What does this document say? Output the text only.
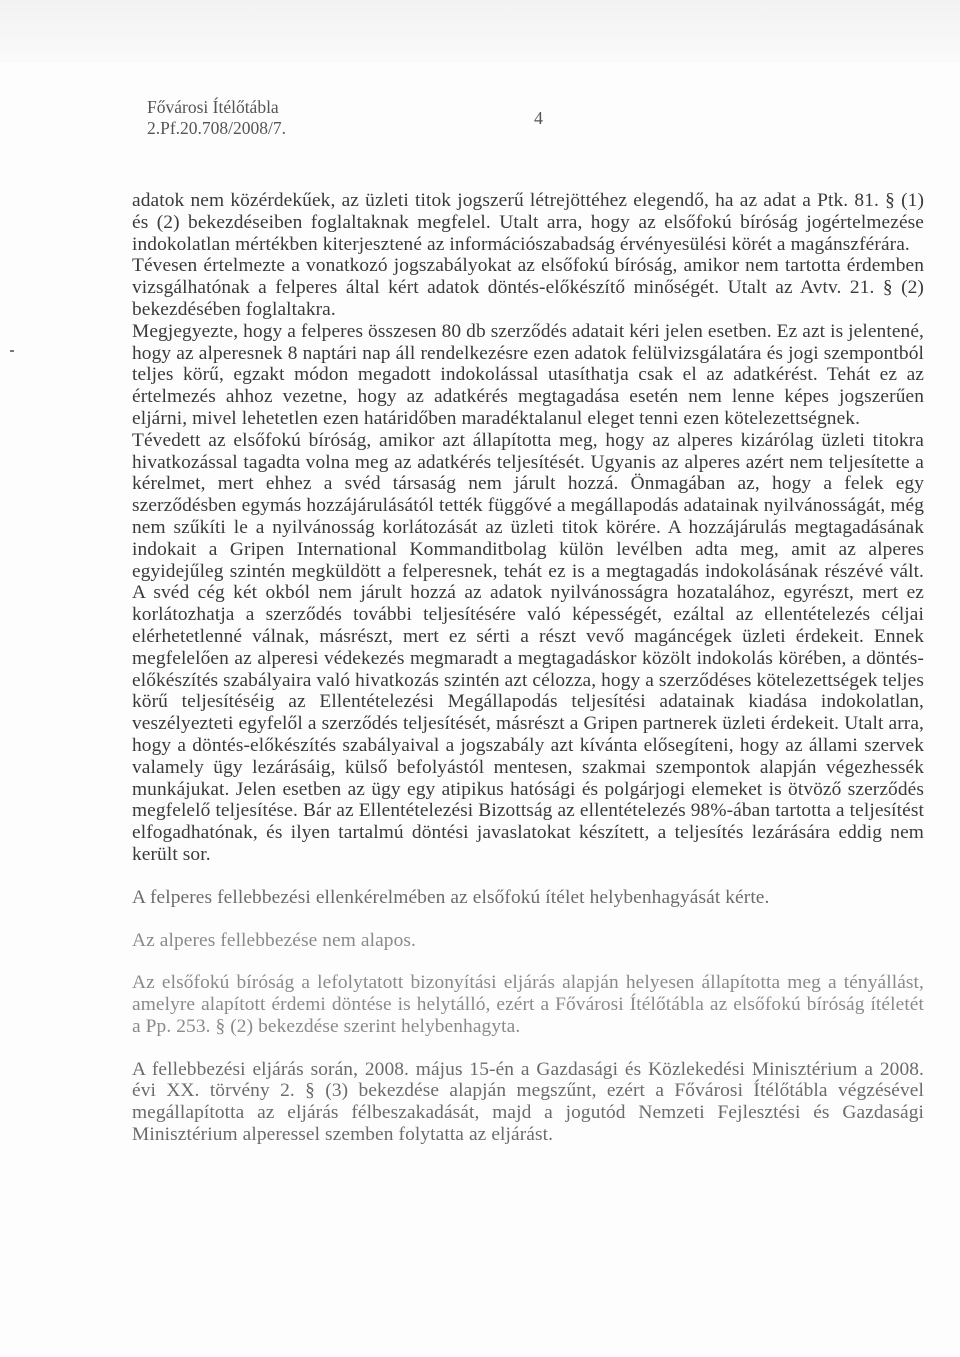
Fővárosi Ítélőtábla
2.Pf.20.708/2008/7.	4

adatok nem közérdekűek, az üzleti titok jogszerű létrejöttéhez elegendő, ha az adat a Ptk. 81. § (1) és (2) bekezdéseiben foglaltaknak megfelel. Utalt arra, hogy az elsőfokú bíróság jogértelmezése indokolatlan mértékben kiterjesztené az információszabadság érvényesülési körét a magánszférára.

Tévesen értelmezte a vonatkozó jogszabályokat az elsőfokú bíróság, amikor nem tartotta érdemben vizsgálhatónak a felperes által kért adatok döntés-előkészítő minőségét. Utalt az Avtv. 21. § (2) bekezdésében foglaltakra.

Megjegyezte, hogy a felperes összesen 80 db szerződés adatait kéri jelen esetben. Ez azt is jelentené, hogy az alperesnek 8 naptári nap áll rendelkezésre ezen adatok felülvizsgálatára és jogi szempontból teljes körű, egzakt módon megadott indokolással utasíthatja csak el az adatkérést. Tehát ez az értelmezés ahhoz vezetne, hogy az adatkérés megtagadása esetén nem lenne képes jogszerűen eljárni, mivel lehetetlen ezen határidőben maradéktalanul eleget tenni ezen kötelezettségnek.

Tévedett az elsőfokú bíróság, amikor azt állapította meg, hogy az alperes kizárólag üzleti titokra hivatkozással tagadta volna meg az adatkérés teljesítését. Ugyanis az alperes azért nem teljesítette a kérelmet, mert ehhez a svéd társaság nem járult hozzá. Önmagában az, hogy a felek egy szerződésben egymás hozzájárulásától tették függővé a megállapodás adatainak nyilvánosságát, még nem szűkíti le a nyilvánosság korlátozását az üzleti titok körére. A hozzájárulás megtagadásának indokait a Gripen International Kommanditbolag külön levélben adta meg, amit az alperes egyidejűleg szintén megküldött a felperesnek, tehát ez is a megtagadás indokolásának részévé vált. A svéd cég két okból nem járult hozzá az adatok nyilvánosságra hozatalához, egyrészt, mert ez korlátozhatja a szerződés további teljesítésére való képességét, ezáltal az ellentételezés céljai elérhetetlenné válnak, másrészt, mert ez sérti a részt vevő magáncégek üzleti érdekeit. Ennek megfelelően az alperesi védekezés megmaradt a megtagadáskor közölt indokolás körében, a döntés-előkészítés szabályaira való hivatkozás szintén azt célozza, hogy a szerződéses kötelezettségek teljes körű teljesítéséig az Ellentételezési Megállapodás teljesítési adatainak kiadása indokolatlan, veszélyezteti egyfelől a szerződés teljesítését, másrészt a Gripen partnerek üzleti érdekeit. Utalt arra, hogy a döntés-előkészítés szabályaival a jogszabály azt kívánta elősegíteni, hogy az állami szervek valamely ügy lezárásáig, külső befolyástól mentesen, szakmai szempontok alapján végezhessék munkájukat. Jelen esetben az ügy egy atipikus hatósági és polgárjogi elemeket is ötvöző szerződés megfelelő teljesítése. Bár az Ellentételezési Bizottság az ellentételezés 98%-ában tartotta a teljesítést elfogadhatónak, és ilyen tartalmú döntési javaslatokat készített, a teljesítés lezárására eddig nem került sor.

A felperes fellebbezési ellenkérelmében az elsőfokú ítélet helybenhagyását kérte.

Az alperes fellebbezése nem alapos.

Az elsőfokú bíróság a lefolytatott bizonyítási eljárás alapján helyesen állapította meg a tényállást, amelyre alapított érdemi döntése is helytálló, ezért a Fővárosi Ítélőtábla az elsőfokú bíróság ítéletét a Pp. 253. § (2) bekezdése szerint helybenhagyta.

A fellebbezési eljárás során, 2008. május 15-én a Gazdasági és Közlekedési Minisztérium a 2008. évi XX. törvény 2. § (3) bekezdése alapján megszűnt, ezért a Fővárosi Ítélőtábla végzésével megállapította az eljárás félbeszakadását, majd a jogutód Nemzeti Fejlesztési és Gazdasági Minisztérium alperessel szemben folytatta az eljárást.
